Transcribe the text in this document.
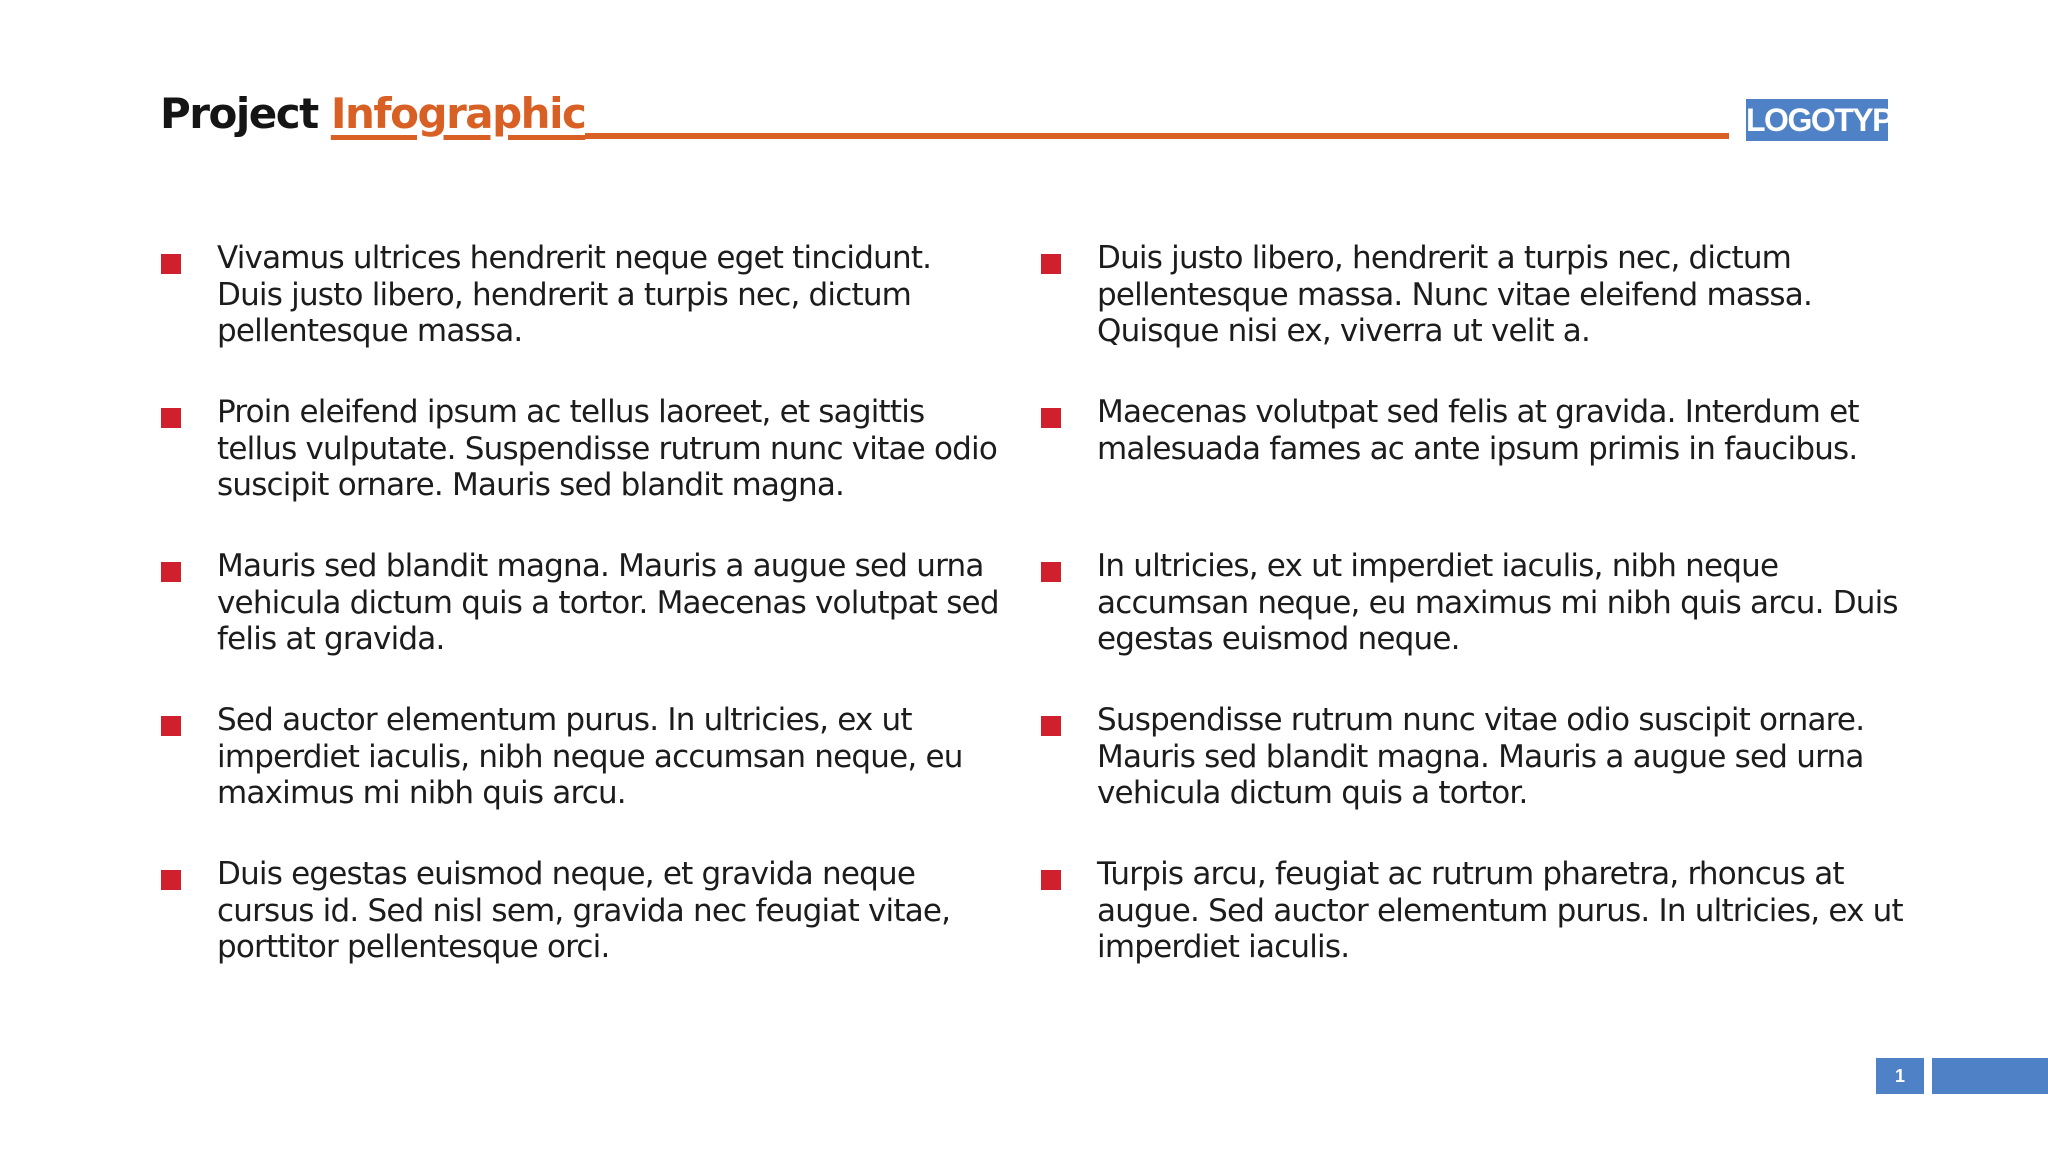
Project Infographic	LOGOTYPE
Vivamus ultrices hendrerit neque eget tincidunt. Duis justo libero, hendrerit a turpis nec, dictum pellentesque massa.
Proin eleifend ipsum ac tellus laoreet, et sagittis tellus vulputate. Suspendisse rutrum nunc vitae odio suscipit ornare. Mauris sed blandit magna.
Mauris sed blandit magna. Mauris a augue sed urna vehicula dictum quis a tortor. Maecenas volutpat sed felis at gravida.
Sed auctor elementum purus. In ultricies, ex ut imperdiet iaculis, nibh neque accumsan neque, eu maximus mi nibh quis arcu.
Duis egestas euismod neque, et gravida neque cursus id. Sed nisl sem, gravida nec feugiat vitae, porttitor pellentesque orci.
Duis justo libero, hendrerit a turpis nec, dictum pellentesque massa. Nunc vitae eleifend massa. Quisque nisi ex, viverra ut velit a.
Maecenas volutpat sed felis at gravida. Interdum et malesuada fames ac ante ipsum primis in faucibus.
In ultricies, ex ut imperdiet iaculis, nibh neque accumsan neque, eu maximus mi nibh quis arcu. Duis egestas euismod neque.
Suspendisse rutrum nunc vitae odio suscipit ornare. Mauris sed blandit magna. Mauris a augue sed urna vehicula dictum quis a tortor.
Turpis arcu, feugiat ac rutrum pharetra, rhoncus at augue. Sed auctor elementum purus. In ultricies, ex ut imperdiet iaculis.
1
